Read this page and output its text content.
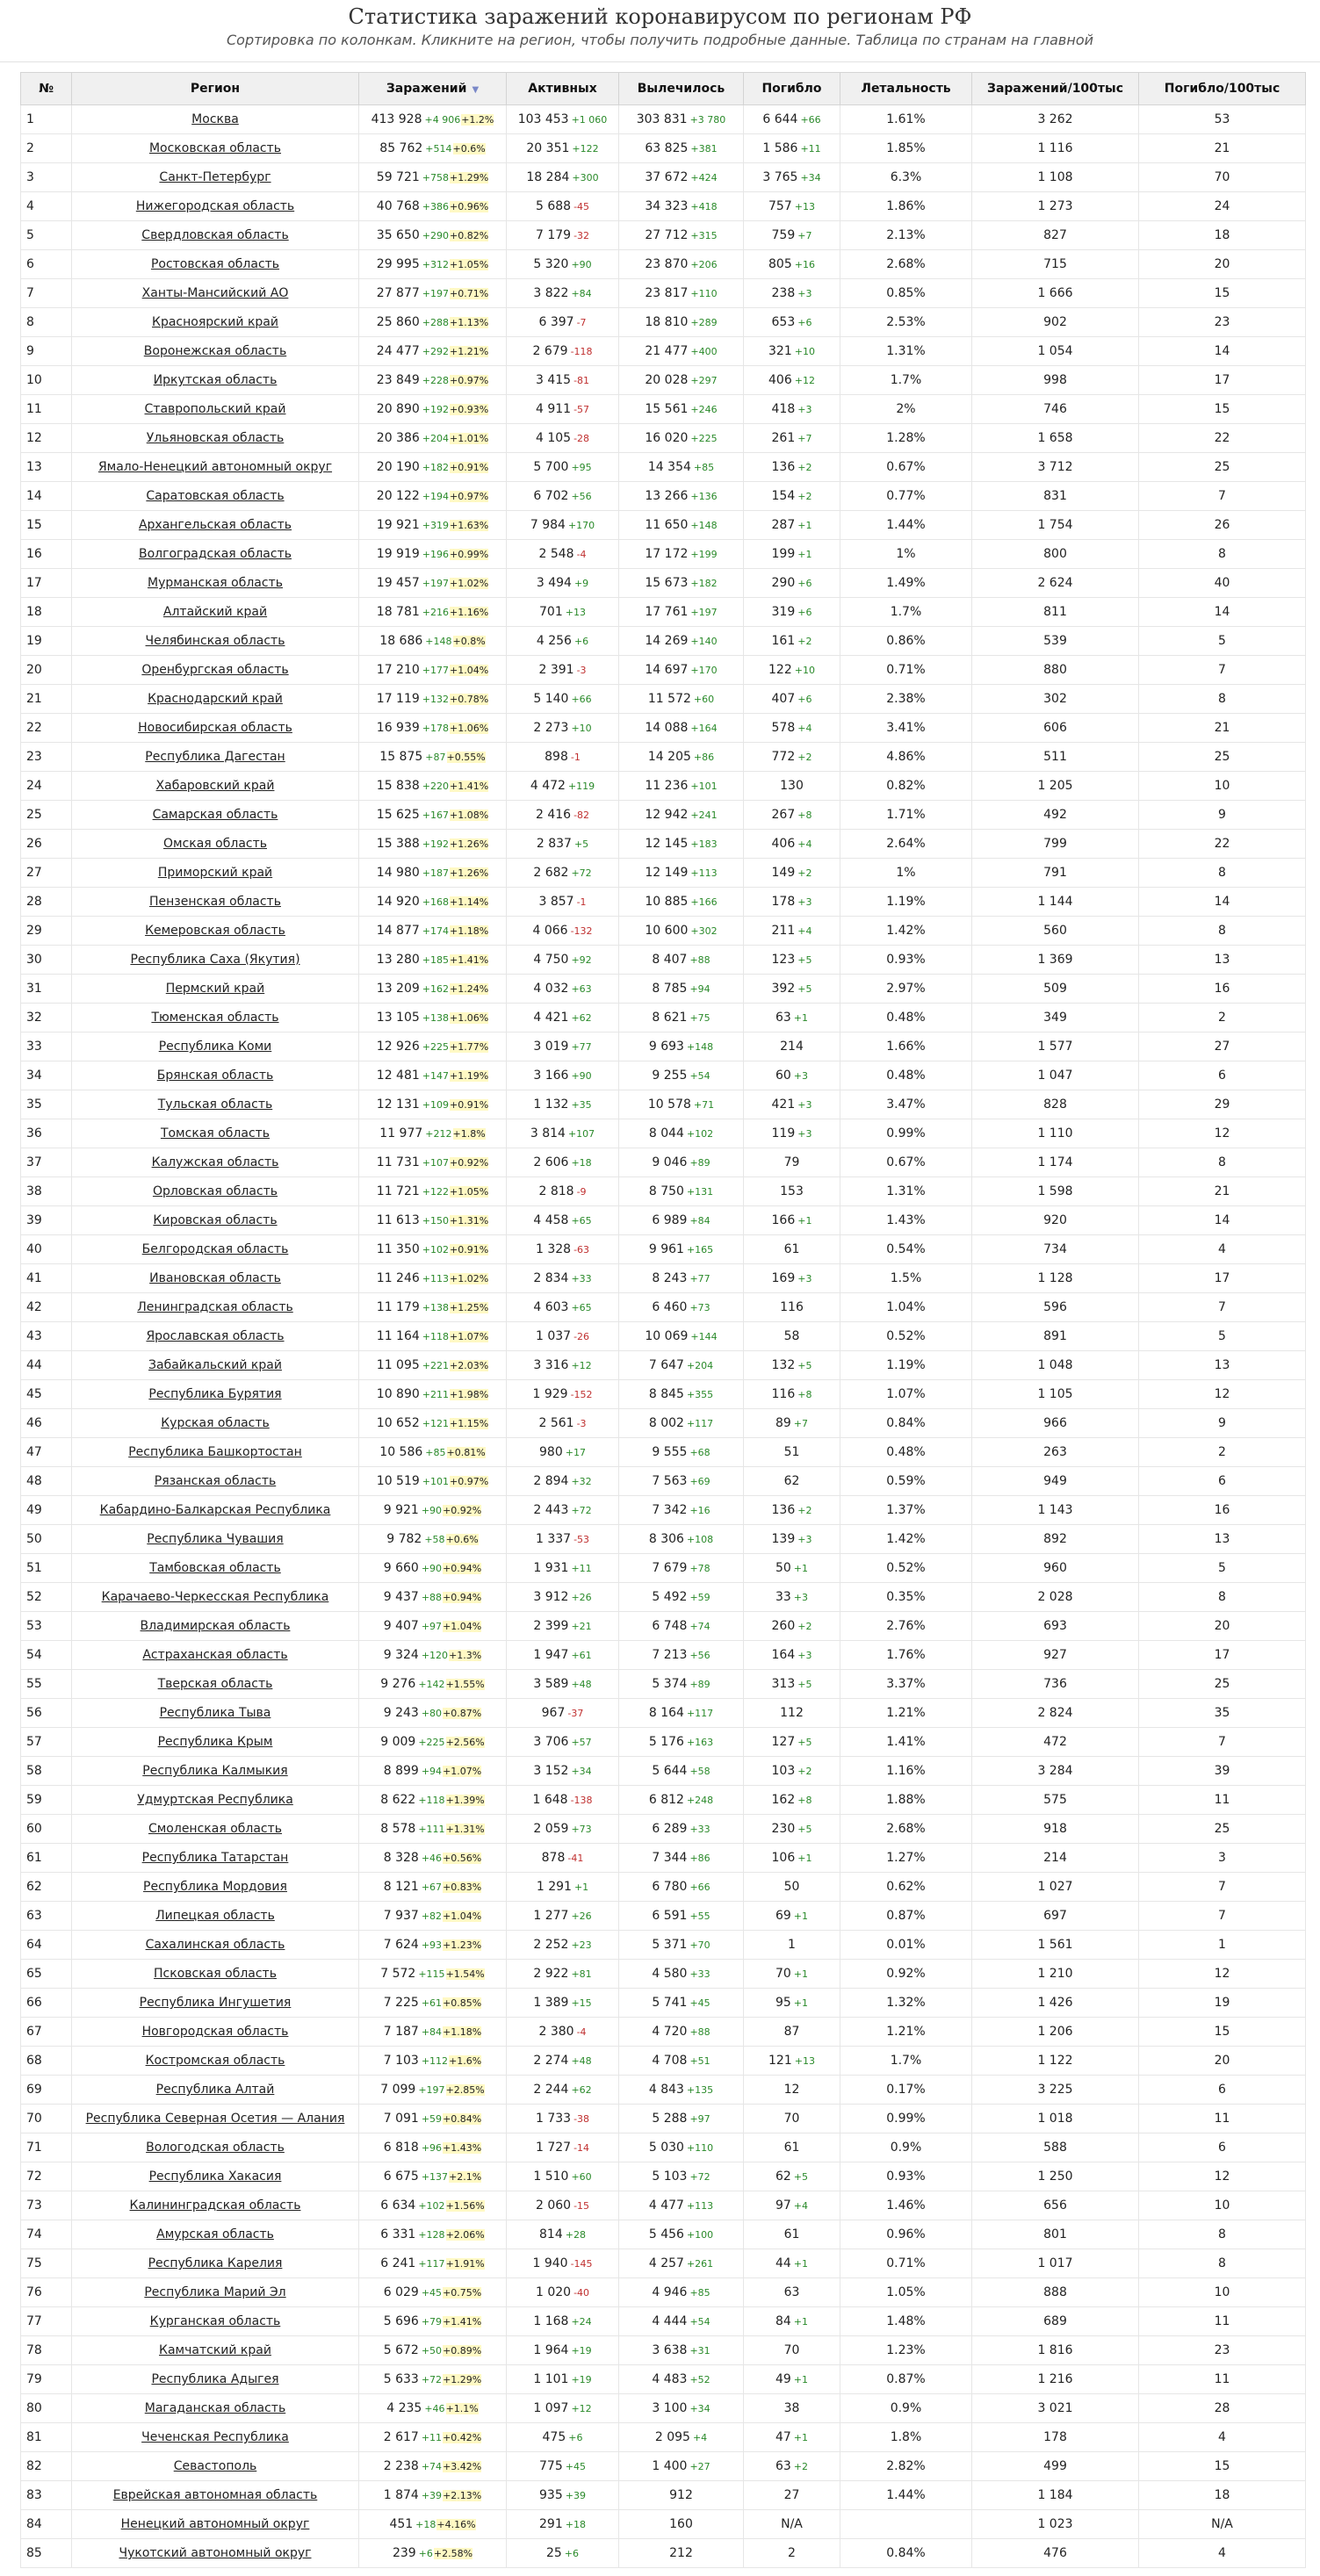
Статистика заражений коронавирусом по регионам РФ
Сортировка по колонкам. Кликните на регион, чтобы получить подробные данные. Таблица по странам на главной
№	Регион	Заражений ▼	Активных	Вылечилось	Погибло	Летальность	Заражений/100тыс	Погибло/100тыс
1	Москва	413 928 +4 906+1.2%	103 453 +1 060	303 831 +3 780	6 644 +66	1.61%	3 262	53
2	Московская область	85 762 +514+0.6%	20 351 +122	63 825 +381	1 586 +11	1.85%	1 116	21
3	Санкт-Петербург	59 721 +758+1.29%	18 284 +300	37 672 +424	3 765 +34	6.3%	1 108	70
4	Нижегородская область	40 768 +386+0.96%	5 688 -45	34 323 +418	757 +13	1.86%	1 273	24
5	Свердловская область	35 650 +290+0.82%	7 179 -32	27 712 +315	759 +7	2.13%	827	18
6	Ростовская область	29 995 +312+1.05%	5 320 +90	23 870 +206	805 +16	2.68%	715	20
7	Ханты-Мансийский АО	27 877 +197+0.71%	3 822 +84	23 817 +110	238 +3	0.85%	1 666	15
8	Красноярский край	25 860 +288+1.13%	6 397 -7	18 810 +289	653 +6	2.53%	902	23
9	Воронежская область	24 477 +292+1.21%	2 679 -118	21 477 +400	321 +10	1.31%	1 054	14
10	Иркутская область	23 849 +228+0.97%	3 415 -81	20 028 +297	406 +12	1.7%	998	17
11	Ставропольский край	20 890 +192+0.93%	4 911 -57	15 561 +246	418 +3	2%	746	15
12	Ульяновская область	20 386 +204+1.01%	4 105 -28	16 020 +225	261 +7	1.28%	1 658	22
13	Ямало-Ненецкий автономный округ	20 190 +182+0.91%	5 700 +95	14 354 +85	136 +2	0.67%	3 712	25
14	Саратовская область	20 122 +194+0.97%	6 702 +56	13 266 +136	154 +2	0.77%	831	7
15	Архангельская область	19 921 +319+1.63%	7 984 +170	11 650 +148	287 +1	1.44%	1 754	26
16	Волгоградская область	19 919 +196+0.99%	2 548 -4	17 172 +199	199 +1	1%	800	8
17	Мурманская область	19 457 +197+1.02%	3 494 +9	15 673 +182	290 +6	1.49%	2 624	40
18	Алтайский край	18 781 +216+1.16%	701 +13	17 761 +197	319 +6	1.7%	811	14
19	Челябинская область	18 686 +148+0.8%	4 256 +6	14 269 +140	161 +2	0.86%	539	5
20	Оренбургская область	17 210 +177+1.04%	2 391 -3	14 697 +170	122 +10	0.71%	880	7
21	Краснодарский край	17 119 +132+0.78%	5 140 +66	11 572 +60	407 +6	2.38%	302	8
22	Новосибирская область	16 939 +178+1.06%	2 273 +10	14 088 +164	578 +4	3.41%	606	21
23	Республика Дагестан	15 875 +87+0.55%	898 -1	14 205 +86	772 +2	4.86%	511	25
24	Хабаровский край	15 838 +220+1.41%	4 472 +119	11 236 +101	130	0.82%	1 205	10
25	Самарская область	15 625 +167+1.08%	2 416 -82	12 942 +241	267 +8	1.71%	492	9
26	Омская область	15 388 +192+1.26%	2 837 +5	12 145 +183	406 +4	2.64%	799	22
27	Приморский край	14 980 +187+1.26%	2 682 +72	12 149 +113	149 +2	1%	791	8
28	Пензенская область	14 920 +168+1.14%	3 857 -1	10 885 +166	178 +3	1.19%	1 144	14
29	Кемеровская область	14 877 +174+1.18%	4 066 -132	10 600 +302	211 +4	1.42%	560	8
30	Республика Саха (Якутия)	13 280 +185+1.41%	4 750 +92	8 407 +88	123 +5	0.93%	1 369	13
31	Пермский край	13 209 +162+1.24%	4 032 +63	8 785 +94	392 +5	2.97%	509	16
32	Тюменская область	13 105 +138+1.06%	4 421 +62	8 621 +75	63 +1	0.48%	349	2
33	Республика Коми	12 926 +225+1.77%	3 019 +77	9 693 +148	214	1.66%	1 577	27
34	Брянская область	12 481 +147+1.19%	3 166 +90	9 255 +54	60 +3	0.48%	1 047	6
35	Тульская область	12 131 +109+0.91%	1 132 +35	10 578 +71	421 +3	3.47%	828	29
36	Томская область	11 977 +212+1.8%	3 814 +107	8 044 +102	119 +3	0.99%	1 110	12
37	Калужская область	11 731 +107+0.92%	2 606 +18	9 046 +89	79	0.67%	1 174	8
38	Орловская область	11 721 +122+1.05%	2 818 -9	8 750 +131	153	1.31%	1 598	21
39	Кировская область	11 613 +150+1.31%	4 458 +65	6 989 +84	166 +1	1.43%	920	14
40	Белгородская область	11 350 +102+0.91%	1 328 -63	9 961 +165	61	0.54%	734	4
41	Ивановская область	11 246 +113+1.02%	2 834 +33	8 243 +77	169 +3	1.5%	1 128	17
42	Ленинградская область	11 179 +138+1.25%	4 603 +65	6 460 +73	116	1.04%	596	7
43	Ярославская область	11 164 +118+1.07%	1 037 -26	10 069 +144	58	0.52%	891	5
44	Забайкальский край	11 095 +221+2.03%	3 316 +12	7 647 +204	132 +5	1.19%	1 048	13
45	Республика Бурятия	10 890 +211+1.98%	1 929 -152	8 845 +355	116 +8	1.07%	1 105	12
46	Курская область	10 652 +121+1.15%	2 561 -3	8 002 +117	89 +7	0.84%	966	9
47	Республика Башкортостан	10 586 +85+0.81%	980 +17	9 555 +68	51	0.48%	263	2
48	Рязанская область	10 519 +101+0.97%	2 894 +32	7 563 +69	62	0.59%	949	6
49	Кабардино-Балкарская Республика	9 921 +90+0.92%	2 443 +72	7 342 +16	136 +2	1.37%	1 143	16
50	Республика Чувашия	9 782 +58+0.6%	1 337 -53	8 306 +108	139 +3	1.42%	892	13
51	Тамбовская область	9 660 +90+0.94%	1 931 +11	7 679 +78	50 +1	0.52%	960	5
52	Карачаево-Черкесская Республика	9 437 +88+0.94%	3 912 +26	5 492 +59	33 +3	0.35%	2 028	8
53	Владимирская область	9 407 +97+1.04%	2 399 +21	6 748 +74	260 +2	2.76%	693	20
54	Астраханская область	9 324 +120+1.3%	1 947 +61	7 213 +56	164 +3	1.76%	927	17
55	Тверская область	9 276 +142+1.55%	3 589 +48	5 374 +89	313 +5	3.37%	736	25
56	Республика Тыва	9 243 +80+0.87%	967 -37	8 164 +117	112	1.21%	2 824	35
57	Республика Крым	9 009 +225+2.56%	3 706 +57	5 176 +163	127 +5	1.41%	472	7
58	Республика Калмыкия	8 899 +94+1.07%	3 152 +34	5 644 +58	103 +2	1.16%	3 284	39
59	Удмуртская Республика	8 622 +118+1.39%	1 648 -138	6 812 +248	162 +8	1.88%	575	11
60	Смоленская область	8 578 +111+1.31%	2 059 +73	6 289 +33	230 +5	2.68%	918	25
61	Республика Татарстан	8 328 +46+0.56%	878 -41	7 344 +86	106 +1	1.27%	214	3
62	Республика Мордовия	8 121 +67+0.83%	1 291 +1	6 780 +66	50	0.62%	1 027	7
63	Липецкая область	7 937 +82+1.04%	1 277 +26	6 591 +55	69 +1	0.87%	697	7
64	Сахалинская область	7 624 +93+1.23%	2 252 +23	5 371 +70	1	0.01%	1 561	1
65	Псковская область	7 572 +115+1.54%	2 922 +81	4 580 +33	70 +1	0.92%	1 210	12
66	Республика Ингушетия	7 225 +61+0.85%	1 389 +15	5 741 +45	95 +1	1.32%	1 426	19
67	Новгородская область	7 187 +84+1.18%	2 380 -4	4 720 +88	87	1.21%	1 206	15
68	Костромская область	7 103 +112+1.6%	2 274 +48	4 708 +51	121 +13	1.7%	1 122	20
69	Республика Алтай	7 099 +197+2.85%	2 244 +62	4 843 +135	12	0.17%	3 225	6
70	Республика Северная Осетия — Алания	7 091 +59+0.84%	1 733 -38	5 288 +97	70	0.99%	1 018	11
71	Вологодская область	6 818 +96+1.43%	1 727 -14	5 030 +110	61	0.9%	588	6
72	Республика Хакасия	6 675 +137+2.1%	1 510 +60	5 103 +72	62 +5	0.93%	1 250	12
73	Калининградская область	6 634 +102+1.56%	2 060 -15	4 477 +113	97 +4	1.46%	656	10
74	Амурская область	6 331 +128+2.06%	814 +28	5 456 +100	61	0.96%	801	8
75	Республика Карелия	6 241 +117+1.91%	1 940 -145	4 257 +261	44 +1	0.71%	1 017	8
76	Республика Марий Эл	6 029 +45+0.75%	1 020 -40	4 946 +85	63	1.05%	888	10
77	Курганская область	5 696 +79+1.41%	1 168 +24	4 444 +54	84 +1	1.48%	689	11
78	Камчатский край	5 672 +50+0.89%	1 964 +19	3 638 +31	70	1.23%	1 816	23
79	Республика Адыгея	5 633 +72+1.29%	1 101 +19	4 483 +52	49 +1	0.87%	1 216	11
80	Магаданская область	4 235 +46+1.1%	1 097 +12	3 100 +34	38	0.9%	3 021	28
81	Чеченская Республика	2 617 +11+0.42%	475 +6	2 095 +4	47 +1	1.8%	178	4
82	Севастополь	2 238 +74+3.42%	775 +45	1 400 +27	63 +2	2.82%	499	15
83	Еврейская автономная область	1 874 +39+2.13%	935 +39	912	27	1.44%	1 184	18
84	Ненецкий автономный округ	451 +18+4.16%	291 +18	160	N/A		1 023	N/A
85	Чукотский автономный округ	239 +6+2.58%	25 +6	212	2	0.84%	476	4
